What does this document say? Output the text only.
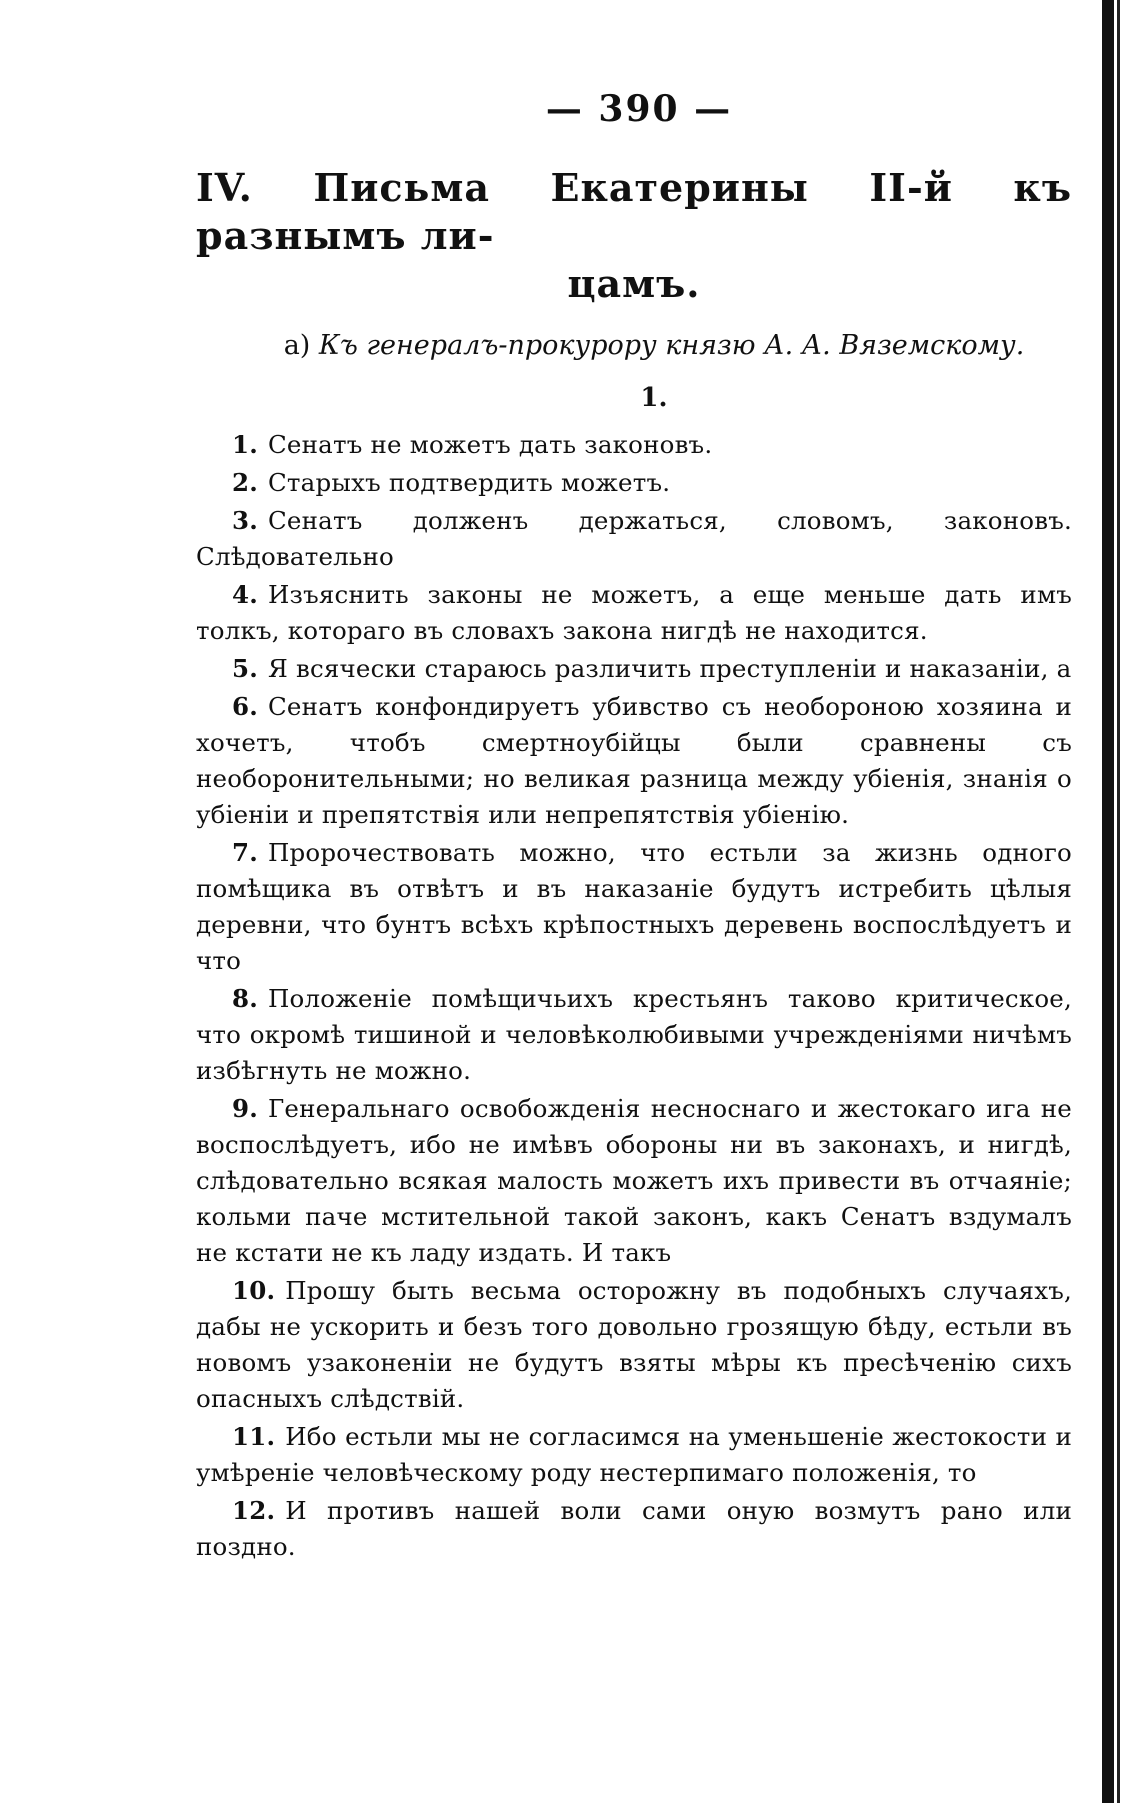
— 390 —
IV. Письма Екатерины II-й къ разнымъ ли-
цамъ.
а) Къ генералъ-прокурору князю А. А. Вяземскому.
1.
1. Сенатъ не можетъ дать законовъ.
2. Старыхъ подтвердить можетъ.
3. Сенатъ долженъ держаться, словомъ, законовъ. Слѣдовательно
4. Изъяснить законы не можетъ, а еще меньше дать имъ толкъ, котораго въ словахъ закона нигдѣ не находится.
5. Я всячески стараюсь различить преступленіи и наказаніи, а
6. Сенатъ конфондируетъ убивство съ необороною хозяина и хочетъ, чтобъ смертноубійцы были сравнены съ необоронительными; но великая разница между убіенія, знанія о убіеніи и препятствія или непрепятствія убіенію.
7. Пророчествовать можно, что естьли за жизнь одного помѣщика въ отвѣтъ и въ наказаніе будутъ истребить цѣлыя деревни, что бунтъ всѣхъ крѣпостныхъ деревень воспослѣдуетъ и что
8. Положеніе помѣщичьихъ крестьянъ таково критическое, что окромѣ тишиной и человѣколюбивыми учрежденіями ничѣмъ избѣгнуть не можно.
9. Генеральнаго освобожденія несноснаго и жестокаго ига не воспослѣдуетъ, ибо не имѣвъ обороны ни въ законахъ, и нигдѣ, слѣдовательно всякая малость можетъ ихъ привести въ отчаяніе; кольми паче мстительной такой законъ, какъ Сенатъ вздумалъ не кстати не къ ладу издать. И такъ
10. Прошу быть весьма осторожну въ подобныхъ случаяхъ, дабы не ускорить и безъ того довольно грозящую бѣду, естьли въ новомъ узаконеніи не будутъ взяты мѣры къ пресѣченію сихъ опасныхъ слѣдствій.
11. Ибо естьли мы не согласимся на уменьшеніе жестокости и умѣреніе человѣческому роду нестерпимаго положенія, то
12. И противъ нашей воли сами оную возмутъ рано или поздно.
